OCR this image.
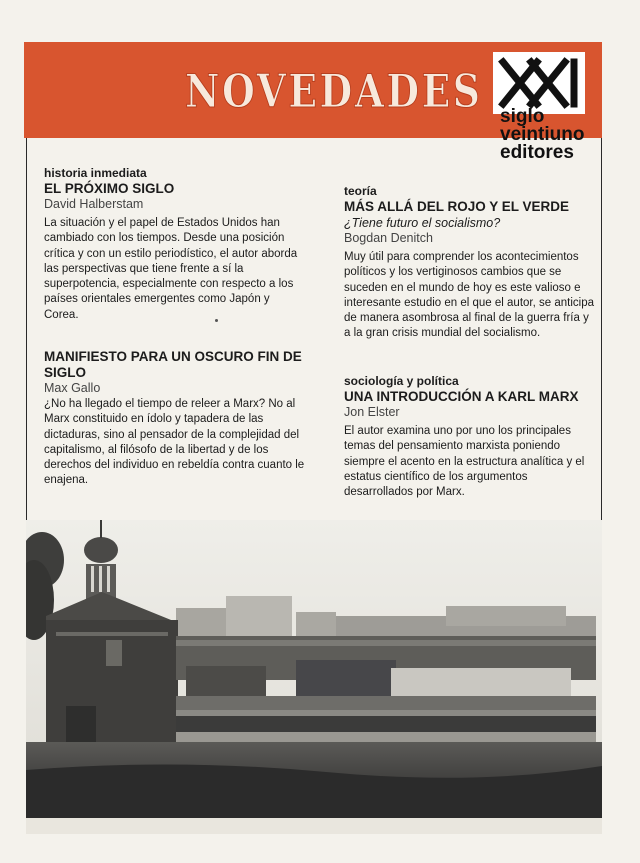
NOVEDADES siglo
veintiuno
editores
historia inmediata
EL PRÓXIMO SIGLO
David Halberstam
La situación y el papel de Estados Unidos han cambiado con los tiempos. Desde una posición crítica y con un estilo periodístico, el autor aborda las perspectivas que tiene frente a sí la superpotencia, especialmente con respecto a los países orientales emergentes como Japón y Corea.
MANIFIESTO PARA UN OSCURO FIN DE SIGLO
Max Gallo
¿No ha llegado el tiempo de releer a Marx? No al Marx constituido en ídolo y tapadera de las dictaduras, sino al pensador de la complejidad del capitalismo, al filósofo de la libertad y de los derechos del individuo en rebeldía contra cuanto le enajena.
teoría
MÁS ALLÁ DEL ROJO Y EL VERDE
¿Tiene futuro el socialismo?
Bogdan Denitch
Muy útil para comprender los acontecimientos políticos y los vertiginosos cambios que se suceden en el mundo de hoy es este valioso e interesante estudio en el que el autor, se anticipa de manera asombrosa al final de la guerra fría y a la gran crisis mundial del socialismo.
sociología y política
UNA INTRODUCCIÓN A KARL MARX
Jon Elster
El autor examina uno por uno los principales temas del pensamiento marxista poniendo siempre el acento en la estructura analítica y el estatus científico de los argumentos desarrollados por Marx.
